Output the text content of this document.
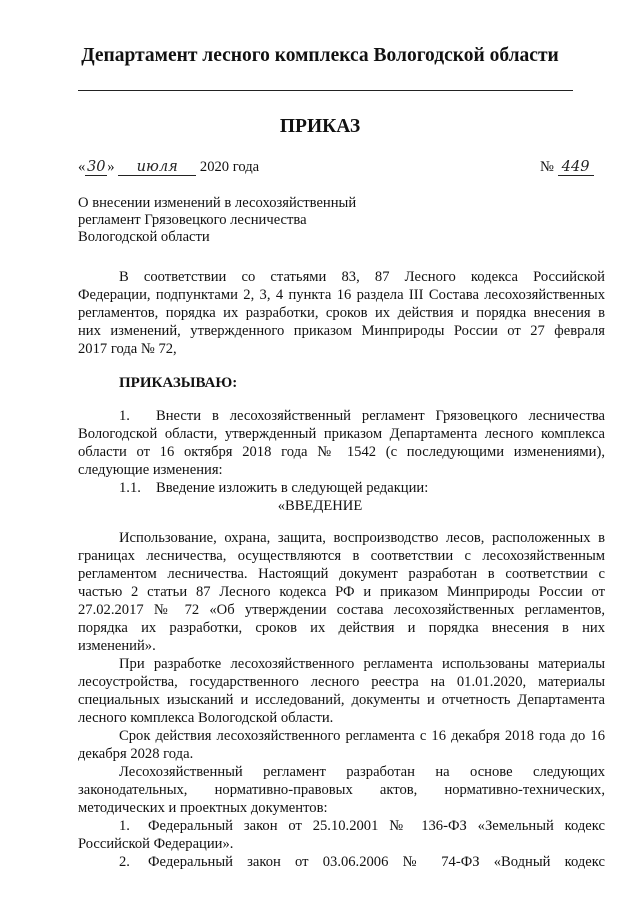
Департамент лесного комплекса Вологодской области
ПРИКАЗ
« 30 » июля 2020 года	№ 449
О внесении изменений в лесохозяйственный
регламент Грязовецкого лесничества
Вологодской области
В соответствии со статьями 83, 87 Лесного кодекса Российской
Федерации, подпунктами 2, 3, 4 пункта 16 раздела III Состава лесохозяйственных
регламентов, порядка их разработки, сроков их действия и порядка внесения в
них изменений, утвержденного приказом Минприроды России от 27 февраля
2017 года № 72,
ПРИКАЗЫВАЮ:
1. Внести в лесохозяйственный регламент Грязовецкого лесничества
Вологодской области, утвержденный приказом Департамента лесного комплекса
области от 16 октября 2018 года № 1542 (с последующими изменениями),
следующие изменения:
1.1. Введение изложить в следующей редакции:
«ВВЕДЕНИЕ
Использование, охрана, защита, воспроизводство лесов, расположенных в
границах лесничества, осуществляются в соответствии с лесохозяйственным
регламентом лесничества. Настоящий документ разработан в соответствии с
частью 2 статьи 87 Лесного кодекса РФ и приказом Минприроды России от
27.02.2017 № 72 «Об утверждении состава лесохозяйственных регламентов,
порядка их разработки, сроков их действия и порядка внесения в них
изменений».
При разработке лесохозяйственного регламента использованы материалы
лесоустройства, государственного лесного реестра на 01.01.2020, материалы
специальных изысканий и исследований, документы и отчетность Департамента
лесного комплекса Вологодской области.
Срок действия лесохозяйственного регламента с 16 декабря 2018 года до 16
декабря 2028 года.
Лесохозяйственный регламент разработан на основе следующих
законодательных, нормативно-правовых актов, нормативно-технических,
методических и проектных документов:
1. Федеральный закон от 25.10.2001 № 136-ФЗ «Земельный кодекс
Российской Федерации».
2. Федеральный закон от 03.06.2006 № 74-ФЗ «Водный кодекс
